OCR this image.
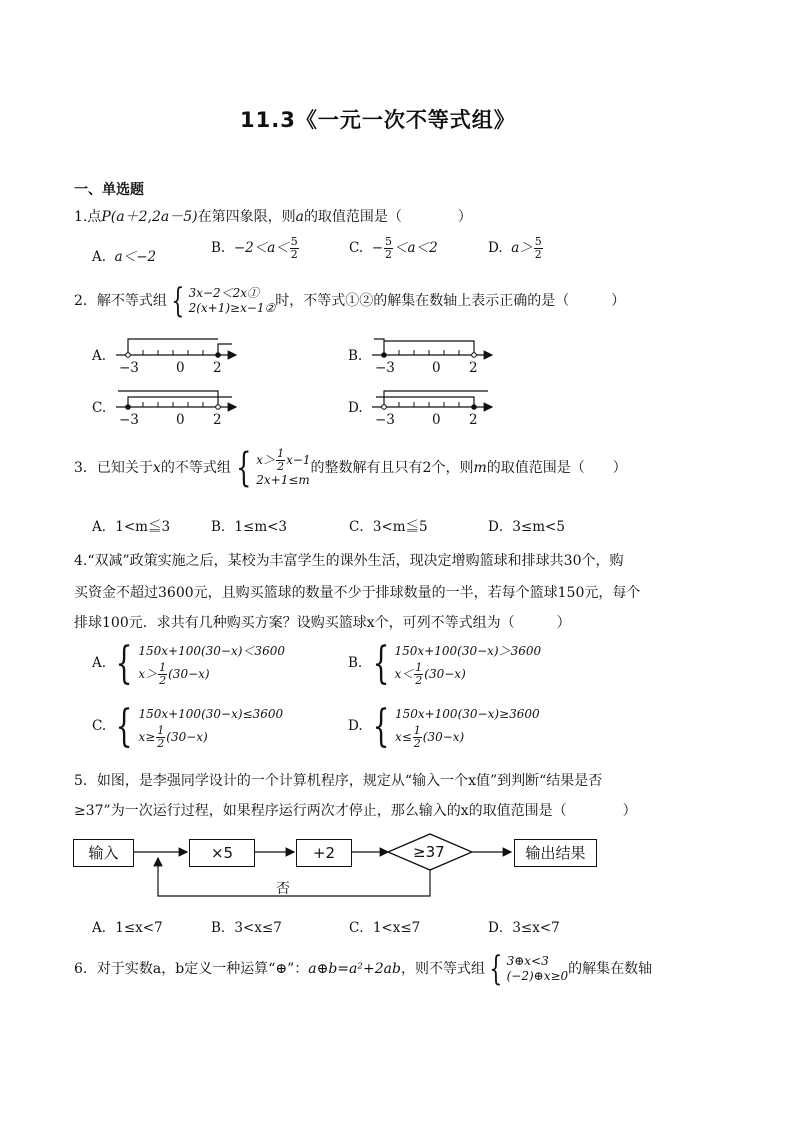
11.3《一元一次不等式组》
一、单选题
1.点P(a＋2,2a－5)在第四象限，则a的取值范围是（　　　　）
A. a＜−2
B. $-2<a< \frac{5}{2}$	C. − $\frac{5}{2} <a<2$	D. $a> \frac{5}{2}$
2．解不等式组 { 3x−2＜2x①
2(x+1)≥x−1② 时，不等式①②的解集在数轴上表示正确的是（　　　）
A.	B.
C.	D.
−3	0 2	−3	0 2
−3	0 2	−3	0 2
3．已知关于x的不等式组 { $x> \frac{1}{2} x-1$
2x+1≤m
的整数解有且只有2个，则m的取值范围是（　　）
A．1<m≦3	B．1≤m<3	C．3<m≦5	D．3≤m<5
4.“双减”政策实施之后，某校为丰富学生的课外生活，现决定增购篮球和排球共30个，购
买资金不超过3600元，且购买篮球的数量不少于排球数量的一半，若每个篮球150元，每个
排球100元．求共有几种购买方案？设购买篮球x个，可列不等式组为（　　　）
A. { 150x+100(30−x)＜3600
$x> \frac{1}{2} (30-x)$
B. { 150x+100(30−x)＞3600
$x< \frac{1}{2} (30-x)$
C. { 150x+100(30−x)≤3600
$x\ge \frac{1}{2} (30-x)$
D. { 150x+100(30−x)≥3600
$x\le \frac{1}{2} (30-x)$
5．如图，是李强同学设计的一个计算机程序，规定从“输入一个x值”到判断“结果是否
≥37”为一次运行过程，如果程序运行两次才停止，那么输入的x的取值范围是（　　　　）
输入	×5	+2	≥37	输出结果
否
A．1≤x<7	B．3<x≤7	C．1<x≤7	D．3≤x<7
6．对于实数a，b定义一种运算“⊕”：a⊕b=a²+2ab，则不等式组 { 3⊕x<3
(−2)⊕x≥0 的解集在数轴
